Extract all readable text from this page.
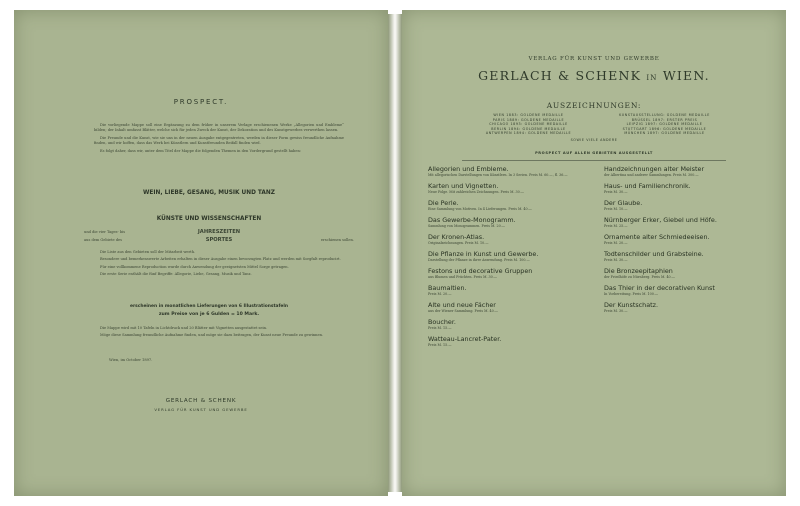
PROSPECT.

Die vorliegende Mappe soll eine Ergänzung zu dem früher in unserem Verlage erschienenen Werke „Allegorien und Embleme“ bilden; der Inhalt umfasst Blätter, welche sich für jeden Zweck der Kunst, der Dekoration und des Kunstgewerbes verwerthen lassen.

Die Freunde und die Kunst, wie sie uns in der neuen Ausgabe entgegentreten, werden in dieser Form gewiss freundliche Aufnahme finden, und wir hoffen, dass das Werk bei Künstlern und Kunstfreunden Beifall finden wird.

Es folgt daher, dass wir, unter dem Titel der Mappe die folgenden Themen in den Vordergrund gestellt haben:

WEIN, LIEBE, GESANG, MUSIK UND TANZ
KÜNSTE UND WISSENSCHAFTEN
und die vier Tages- bis	JAHRESZEITEN
aus dem Gebiete des	SPORTES	erschienen sollen.

Die Liste aus den Gebieten soll der Mitarbeit werth.

Besondere und bemerkenswerte Arbeiten erhalten in dieser Ausgabe einen bevorzugten Platz und werden mit Sorgfalt reproducirt.

Für eine vollkommene Reproduction wurde durch Anwendung der geeignetsten Mittel Sorge getragen.

Die erste Serie enthält die fünf Begriffe: Allegorie, Liebe, Gesang, Musik und Tanz.

erscheinen in monatlichen Lieferungen von 6 Illustrationstafeln
zum Preise von je 6 Gulden = 10 Mark.

Die Mappe wird mit 10 Tafeln in Lichtdruck und 20 Blätter mit Vignetten ausgestattet sein.

Möge diese Sammlung freundliche Aufnahme finden, und möge sie dazu beitragen, der Kunst neue Freunde zu gewinnen.

Wien, im October 1897.
GERLACH & SCHENK
VERLAG FÜR KUNST UND GEWERBE
VERLAG FÜR KUNST UND GEWERBE
GERLACH & SCHENK IN WIEN.
AUSZEICHNUNGEN:
WIEN 1883: GOLDENE MEDAILLE
PARIS 1889: GOLDENE MEDAILLE
CHICAGO 1893: GOLDENE MEDAILLE
BERLIN 1894: GOLDENE MEDAILLE
ANTWERPEN 1894: GOLDENE MEDAILLE
KUNSTAUSSTELLUNG: GOLDENE MEDAILLE
BRÜSSEL 1897: ERSTER PREIS
LEIPZIG 1897: GOLDENE MEDAILLE
STUTTGART 1896: GOLDENE MEDAILLE
MÜNCHEN 1897: GOLDENE MEDAILLE
SOWIE VIELE ANDERE
PROSPECT AUF ALLEN GEBIETEN AUSGESTELLT
Allegorien und Embleme.
Mit allegorischen Darstellungen von Künstlern. In 3 Serien. Preis M. 60.—, fl. 36.—
Karten und Vignetten.
Neue Folge. Mit zahlreichen Zeichnungen. Preis M. 30.—
Die Perle.
Eine Sammlung von Motiven. In 4 Lieferungen. Preis M. 40.—
Das Gewerbe-Monogramm.
Sammlung von Monogrammen. Preis M. 20.—
Der Kronen-Atlas.
Originalzeichnungen. Preis M. 10.—
Die Pflanze in Kunst und Gewerbe.
Darstellung der Pflanze in ihrer Anwendung. Preis M. 100.—
Festons und decorative Gruppen
aus Blumen und Früchten. Preis M. 30.—
Baumaltien.
Preis M. 20.—
Alte und neue Fächer
aus der Wiener Sammlung. Preis M. 40.—
Boucher.
Preis M. 15.—
Watteau-Lancret-Pater.
Preis M. 15.—
Handzeichnungen alter Meister
der Albertina und anderer Sammlungen. Preis M. 300.—
Haus- und Familienchronik.
Preis M. 30.—
Der Glaube.
Preis M. 10.—
Nürnberger Erker, Giebel und Höfe.
Preis M. 25.—
Ornamente alter Schmiedeeisen.
Preis M. 20.—
Todtenschilder und Grabsteine.
Preis M. 30.—
Die Bronzeepitaphien
der Friedhöfe zu Nürnberg. Preis M. 40.—
Das Thier in der decorativen Kunst
In Vorbereitung. Preis M. 100.—
Der Kunstschatz.
Preis M. 30.—
